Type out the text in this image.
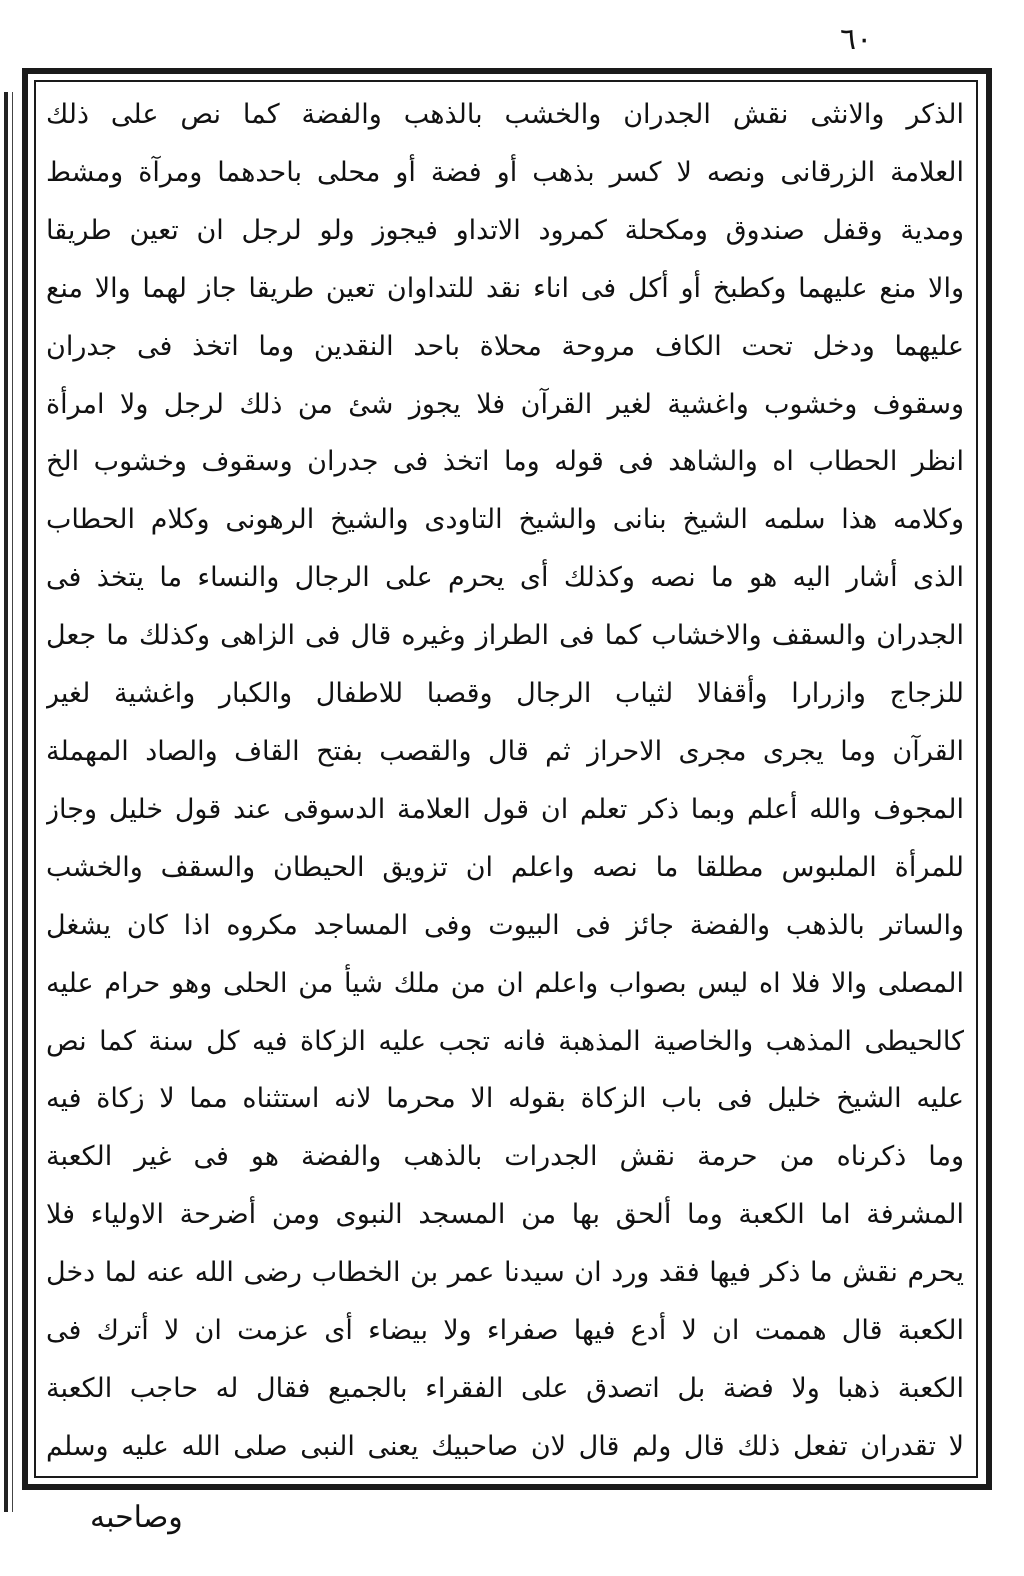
٦٠
الذكر والانثى نقش الجدران والخشب بالذهب والفضة كما نص على ذلك
العلامة الزرقانى ونصه لا كسر بذهب أو فضة أو محلى باحدهما ومرآة ومشط
ومدية وقفل صندوق ومكحلة كمرود الاتداو فيجوز ولو لرجل ان تعين طريقا
والا منع عليهما وكطبخ أو أكل فى اناء نقد للتداوان تعين طريقا جاز لهما والا منع
عليهما ودخل تحت الكاف مروحة محلاة باحد النقدين وما اتخذ فى جدران
وسقوف وخشوب واغشية لغير القرآن فلا يجوز شئ من ذلك لرجل ولا امرأة
انظر الحطاب اه والشاهد فى قوله وما اتخذ فى جدران وسقوف وخشوب الخ
وكلامه هذا سلمه الشيخ بنانى والشيخ التاودى والشيخ الرهونى وكلام الحطاب
الذى أشار اليه هو ما نصه وكذلك أى يحرم على الرجال والنساء ما يتخذ فى
الجدران والسقف والاخشاب كما فى الطراز وغيره قال فى الزاهى وكذلك ما جعل
للزجاج وازرارا وأقفالا لثياب الرجال وقصبا للاطفال والكبار واغشية لغير
القرآن وما يجرى مجرى الاحراز ثم قال والقصب بفتح القاف والصاد المهملة
المجوف والله أعلم وبما ذكر تعلم ان قول العلامة الدسوقى عند قول خليل وجاز
للمرأة الملبوس مطلقا ما نصه واعلم ان تزويق الحيطان والسقف والخشب
والساتر بالذهب والفضة جائز فى البيوت وفى المساجد مكروه اذا كان يشغل
المصلى والا فلا اه ليس بصواب واعلم ان من ملك شيأ من الحلى وهو حرام عليه
كالحيطى المذهب والخاصية المذهبة فانه تجب عليه الزكاة فيه كل سنة كما نص
عليه الشيخ خليل فى باب الزكاة بقوله الا محرما لانه استثناه مما لا زكاة فيه
وما ذكرناه من حرمة نقش الجدرات بالذهب والفضة هو فى غير الكعبة
المشرفة اما الكعبة وما ألحق بها من المسجد النبوى ومن أضرحة الاولياء فلا
يحرم نقش ما ذكر فيها فقد ورد ان سيدنا عمر بن الخطاب رضى الله عنه لما دخل
الكعبة قال هممت ان لا أدع فيها صفراء ولا بيضاء أى عزمت ان لا أترك فى
الكعبة ذهبا ولا فضة بل اتصدق على الفقراء بالجميع فقال له حاجب الكعبة
لا تقدران تفعل ذلك قال ولم قال لان صاحبيك يعنى النبى صلى الله عليه وسلم
وصاحبه
